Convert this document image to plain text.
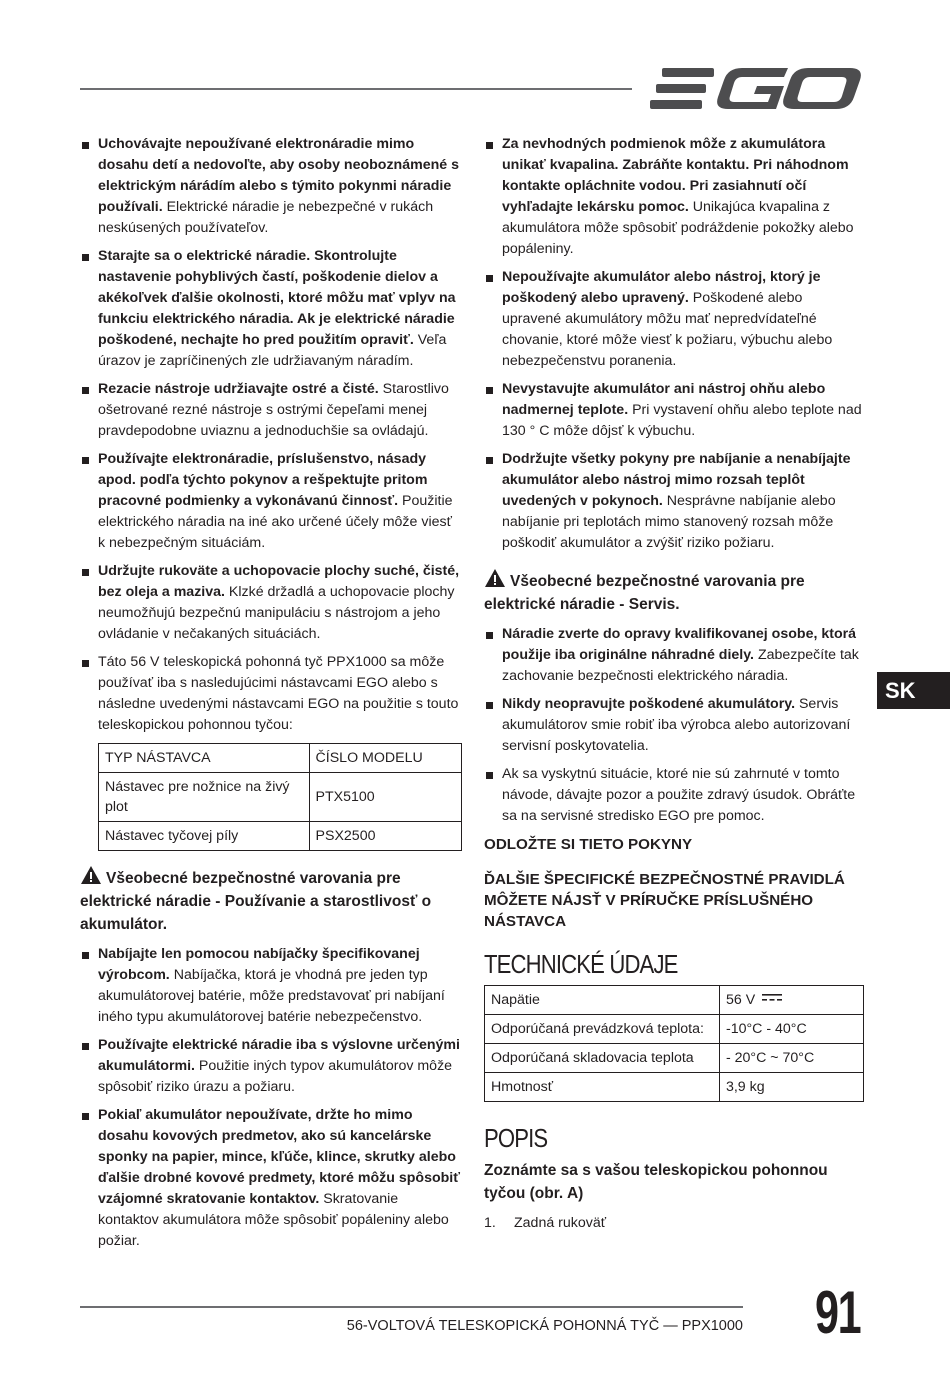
Uchovávajte nepoužívané elektronáradie mimo dosahu detí a nedovoľte, aby osoby neoboznámené s elektrickým nárádím alebo s týmito pokynmi náradie používali. Elektrické náradie je nebezpečné v rukách neskúsených používateľov.
Starajte sa o elektrické náradie. Skontrolujte nastavenie pohyblivých častí, poškodenie dielov a akékoľvek ďalšie okolnosti, ktoré môžu mať vplyv na funkciu elektrického náradia. Ak je elektrické náradie poškodené, nechajte ho pred použitím opraviť. Veľa úrazov je zapríčinených zle udržiavaným náradím.
Rezacie nástroje udržiavajte ostré a čisté. Starostlivo ošetrované rezné nástroje s ostrými čepeľami menej pravdepodobne uviaznu a jednoduchšie sa ovládajú.
Používajte elektronáradie, príslušenstvo, násady apod. podľa týchto pokynov a rešpektujte pritom pracovné podmienky a vykonávanú činnosť. Použitie elektrického náradia na iné ako určené účely môže viesť k nebezpečným situáciám.
Udržujte rukoväte a uchopovacie plochy suché, čisté, bez oleja a maziva. Klzké držadlá a uchopovacie plochy neumožňujú bezpečnú manipuláciu s nástrojom a jeho ovládanie v nečakaných situáciách.
Táto 56 V teleskopická pohonná tyč PPX1000 sa môže používať iba s nasledujúcimi nástavcami EGO alebo s následne uvedenými nástavcami EGO na použitie s touto teleskopickou pohonnou tyčou:
TYP NÁSTAVCA	ČÍSLO MODELU
Nástavec pre nožnice na živý plot	PTX5100
Nástavec tyčovej píly	PSX2500
Všeobecné bezpečnostné varovania pre elektrické náradie - Používanie a starostlivosť o akumulátor.
Nabíjajte len pomocou nabíjačky špecifikovanej výrobcom. Nabíjačka, ktorá je vhodná pre jeden typ akumulátorovej batérie, môže predstavovať pri nabíjaní iného typu akumulátorovej batérie nebezpečenstvo.
Používajte elektrické náradie iba s výslovne určenými akumulátormi. Použitie iných typov akumulátorov môže spôsobiť riziko úrazu a požiaru.
Pokiaľ akumulátor nepoužívate, držte ho mimo dosahu kovových predmetov, ako sú kancelárske sponky na papier, mince, kľúče, klince, skrutky alebo ďalšie drobné kovové predmety, ktoré môžu spôsobiť vzájomné skratovanie kontaktov. Skratovanie kontaktov akumulátora môže spôsobiť popáleniny alebo požiar.
Za nevhodných podmienok môže z akumulátora unikať kvapalina. Zabráňte kontaktu. Pri náhodnom kontakte opláchnite vodou. Pri zasiahnutí očí vyhľadajte lekársku pomoc. Unikajúca kvapalina z akumulátora môže spôsobiť podráždenie pokožky alebo popáleniny.
Nepoužívajte akumulátor alebo nástroj, ktorý je poškodený alebo upravený. Poškodené alebo upravené akumulátory môžu mať nepredvídateľné chovanie, ktoré môže viesť k požiaru, výbuchu alebo nebezpečenstvu poranenia.
Nevystavujte akumulátor ani nástroj ohňu alebo nadmernej teplote. Pri vystavení ohňu alebo teplote nad 130 ° C môže dôjsť k výbuchu.
Dodržujte všetky pokyny pre nabíjanie a nenabíjajte akumulátor alebo nástroj mimo rozsah teplôt uvedených v pokynoch. Nesprávne nabíjanie alebo nabíjanie pri teplotách mimo stanovený rozsah môže poškodiť akumulátor a zvýšiť riziko požiaru.
Všeobecné bezpečnostné varovania pre elektrické náradie - Servis.
Náradie zverte do opravy kvalifikovanej osobe, ktorá použije iba originálne náhradné diely. Zabezpečíte tak zachovanie bezpečnosti elektrického náradia.
Nikdy neopravujte poškodené akumulátory. Servis akumulátorov smie robiť iba výrobca alebo autorizovaní servisní poskytovatelia.
Ak sa vyskytnú situácie, ktoré nie sú zahrnuté v tomto návode, dávajte pozor a použite zdravý úsudok. Obráťte sa na servisné stredisko EGO pre pomoc.
ODLOŽTE SI TIETO POKYNY
ĎALŠIE ŠPECIFICKÉ BEZPEČNOSTNÉ PRAVIDLÁ MÔŽETE NÁJSŤ V PRÍRUČKE PRÍSLUŠNÉHO NÁSTAVCA
TECHNICKÉ ÚDAJE
Napätie	56 V
Odporúčaná prevádzková teplota:	-10°C - 40°C
Odporúčaná skladovacia teplota	- 20°C ~ 70°C
Hmotnosť	3,9 kg
POPIS
Zoznámte sa s vašou teleskopickou pohonnou tyčou (obr. A)
1. Zadná rukoväť
SK
56-VOLTOVÁ TELESKOPICKÁ POHONNÁ TYČ — PPX1000 91
